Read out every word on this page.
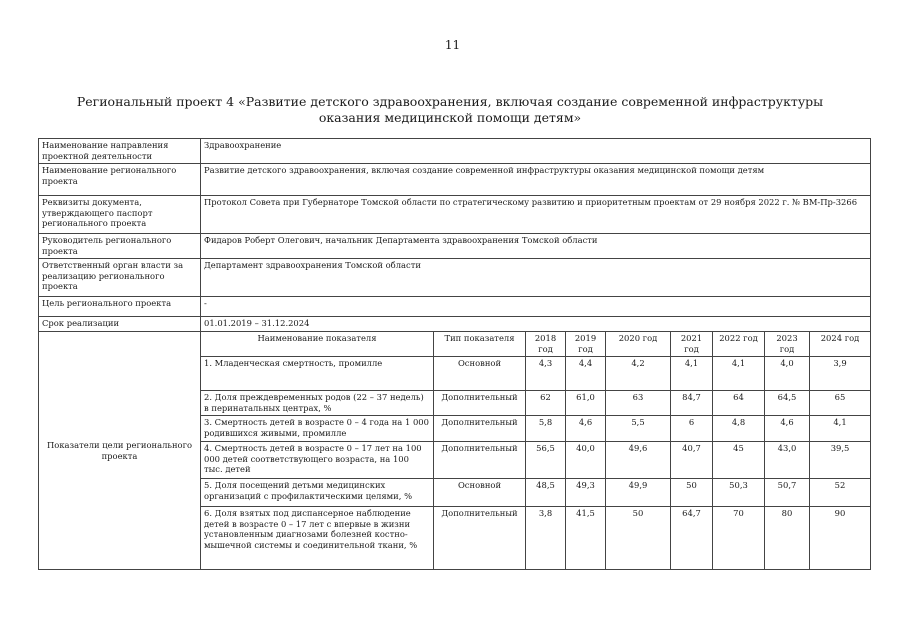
11
Региональный проект 4 «Развитие детского здравоохранения, включая создание современной инфраструктуры
оказания медицинской помощи детям»
Наименование направления проектной деятельности	Здравоохранение								
Наименование регионального проекта	Развитие детского здравоохранения, включая создание современной инфраструктуры оказания медицинской помощи детям								
Реквизиты документа, утверждающего паспорт регионального проекта	Протокол Совета при Губернаторе Томской области по стратегическому развитию и приоритетным проектам от 29 ноября 2022 г. № ВМ-Пр-3266								
Руководитель регионального проекта	Фидаров Роберт Олегович, начальник Департамента здравоохранения Томской области								
Ответственный орган власти за реализацию регионального проекта	Департамент здравоохранения Томской области								
Цель регионального проекта	-								
Срок реализации	01.01.2019 – 31.12.2024								
Показатели цели регионального проекта	Наименование показателя	Тип показателя	2018 год	2019 год	2020 год	2021 год	2022 год	2023 год	2024 год
	1. Младенческая смертность, промилле	Основной	4,3	4,4	4,2	4,1	4,1	4,0	3,9
	2. Доля преждевременных родов (22 – 37 недель) в перинатальных центрах, %	Дополнительный	62	61,0	63	84,7	64	64,5	65
	3. Смертность детей в возрасте 0 – 4 года на 1 000 родившихся живыми, промилле	Дополнительный	5,8	4,6	5,5	6	4,8	4,6	4,1
	4. Смертность детей в возрасте 0 – 17 лет на 100 000 детей соответствующего возраста, на 100 тыс. детей	Дополнительный	56,5	40,0	49,6	40,7	45	43,0	39,5
	5. Доля посещений детьми медицинских организаций с профилактическими целями, %	Основной	48,5	49,3	49,9	50	50,3	50,7	52
	6. Доля взятых под диспансерное наблюдение детей в возрасте 0 – 17 лет с впервые в жизни установленным диагнозами болезней костно-мышечной системы и соединительной ткани, %	Дополнительный	3,8	41,5	50	64,7	70	80	90
